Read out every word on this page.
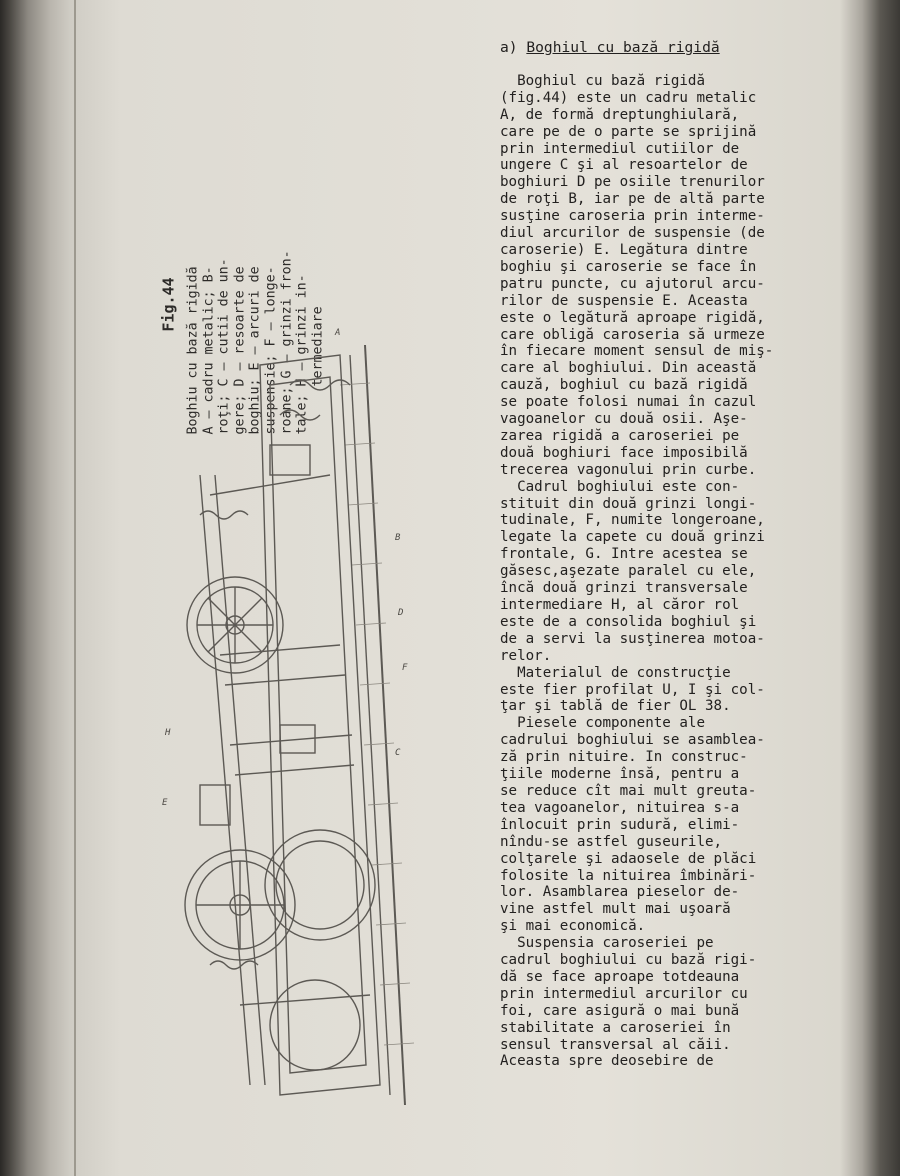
Fig.44 Boghiu cu bază rigidă A – cadru metalic; B- roţi; C – cutii de un- gere; D – resoarte de boghiu; E – arcuri de suspensie; F – longe- roane; G – grinzi fron- tale; H – grinzi in- termediare A
B
C
D
E
F
H
a) Boghiul cu bază rigidă
Boghiul cu bază rigidă
(fig.44) este un cadru metalic
A, de formă dreptunghiulară,
care pe de o parte se sprijină
prin intermediul cutiilor de
ungere C şi al resoartelor de
boghiuri D pe osiile trenurilor
de roţi B, iar pe de altă parte
susţine caroseria prin interme-
diul arcurilor de suspensie (de
caroserie) E. Legătura dintre
boghiu şi caroserie se face în
patru puncte, cu ajutorul arcu-
rilor de suspensie E. Aceasta
este o legătură aproape rigidă,
care obligă caroseria să urmeze
în fiecare moment sensul de miş-
care al boghiului. Din această
cauză, boghiul cu bază rigidă
se poate folosi numai în cazul
vagoanelor cu două osii. Aşe-
zarea rigidă a caroseriei pe
două boghiuri face imposibilă
trecerea vagonului prin curbe.
Cadrul boghiului este con-
stituit din două grinzi longi-
tudinale, F, numite longeroane,
legate la capete cu două grinzi
frontale, G. Intre acestea se
găsesc,aşezate paralel cu ele,
încă două grinzi transversale
intermediare H, al căror rol
este de a consolida boghiul şi
de a servi la susţinerea motoa-
relor.
Materialul de construcţie
este fier profilat U, I şi col-
ţar şi tablă de fier OL 38.
Piesele componente ale
cadrului boghiului se asamblea-
ză prin nituire. In construc-
ţiile moderne însă, pentru a
se reduce cît mai mult greuta-
tea vagoanelor, nituirea s-a
înlocuit prin sudură, elimi-
nîndu-se astfel guseurile,
colţarele şi adaosele de plăci
folosite la nituirea îmbinări-
lor. Asamblarea pieselor de-
vine astfel mult mai uşoară
şi mai economică.
Suspensia caroseriei pe
cadrul boghiului cu bază rigi-
dă se face aproape totdeauna
prin intermediul arcurilor cu
foi, care asigură o mai bună
stabilitate a caroseriei în
sensul transversal al căii.
Aceasta spre deosebire de
